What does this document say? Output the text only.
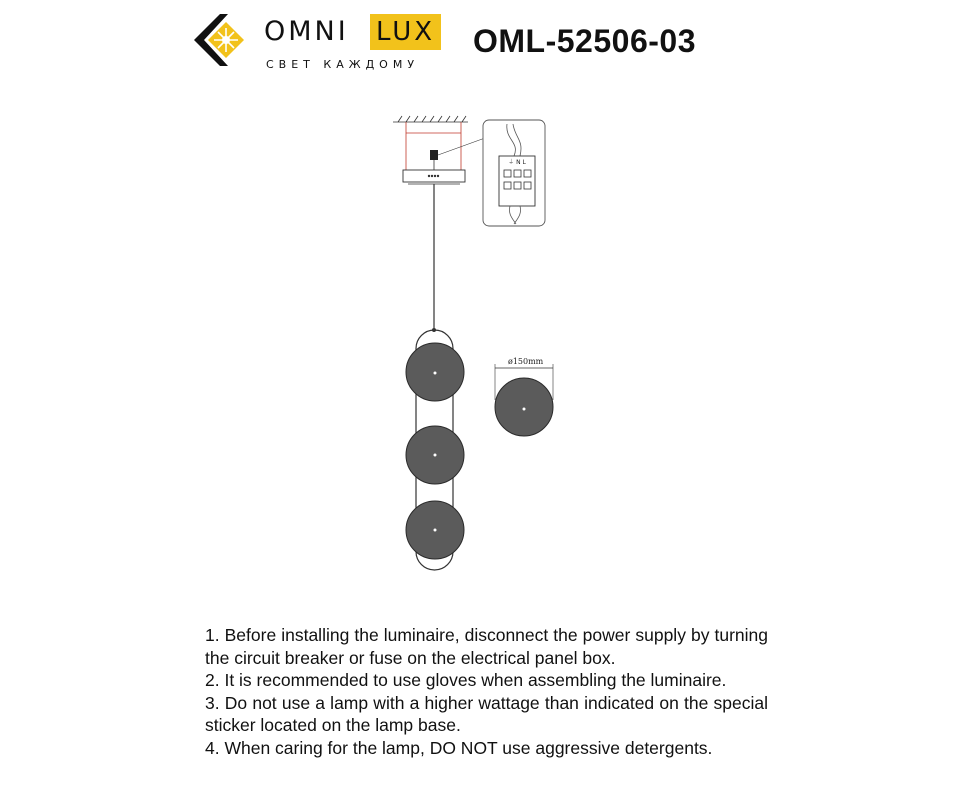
OMNI LUX
СВЕТ КАЖДОМУ
OML-52506-03
⏚ N L
ø150mm

1. Before installing the luminaire, disconnect the power supply by turning the circuit breaker or fuse on the electrical panel box.

2. It is recommended to use gloves when assembling the luminaire.

3. Do not use a lamp with a higher wattage than indicated on the special sticker located on the lamp base.

4. When caring for the lamp, DO NOT use aggressive detergents.
